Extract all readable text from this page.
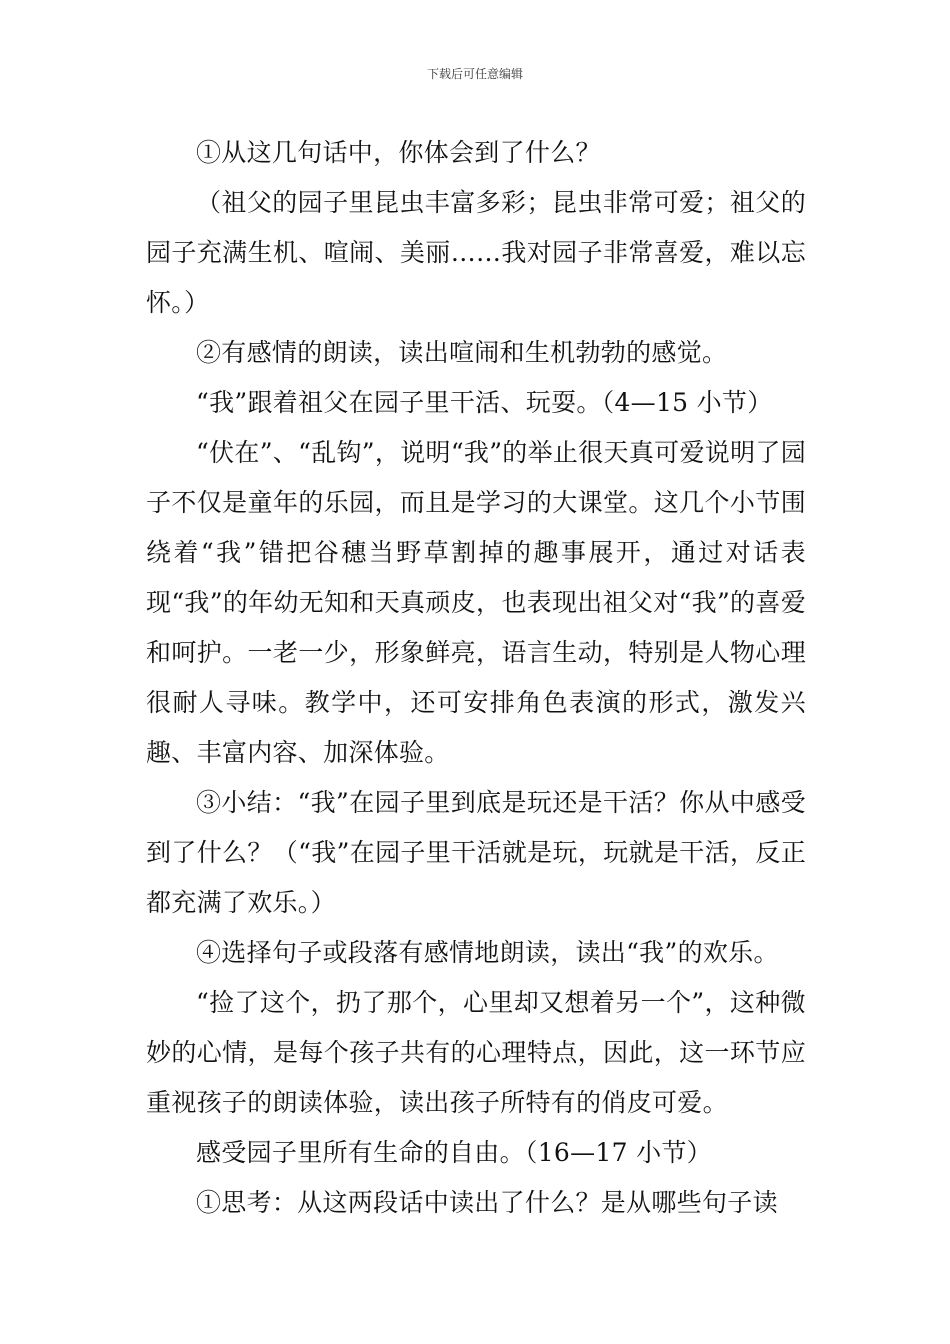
下载后可任意编辑

①从这几句话中，你体会到了什么？

（祖父的园子里昆虫丰富多彩；昆虫非常可爱；祖父的园子充满生机、喧闹、美丽……我对园子非常喜爱，难以忘怀。）

②有感情的朗读，读出喧闹和生机勃勃的感觉。

“我”跟着祖父在园子里干活、玩耍。（4—15 小节）

“伏在”、“乱钩”，说明“我”的举止很天真可爱说明了园子不仅是童年的乐园，而且是学习的大课堂。这几个小节围绕着“我”错把谷穗当野草割掉的趣事展开，通过对话表现“我”的年幼无知和天真顽皮，也表现出祖父对“我”的喜爱和呵护。一老一少，形象鲜亮，语言生动，特别是人物心理很耐人寻味。教学中，还可安排角色表演的形式，激发兴趣、丰富内容、加深体验。

③小结：“我”在园子里到底是玩还是干活？你从中感受到了什么？（“我”在园子里干活就是玩，玩就是干活，反正都充满了欢乐。）

④选择句子或段落有感情地朗读，读出“我”的欢乐。

“捡了这个，扔了那个，心里却又想着另一个”，这种微妙的心情，是每个孩子共有的心理特点，因此，这一环节应重视孩子的朗读体验，读出孩子所特有的俏皮可爱。

感受园子里所有生命的自由。（16—17 小节）

①思考：从这两段话中读出了什么？是从哪些句子读
